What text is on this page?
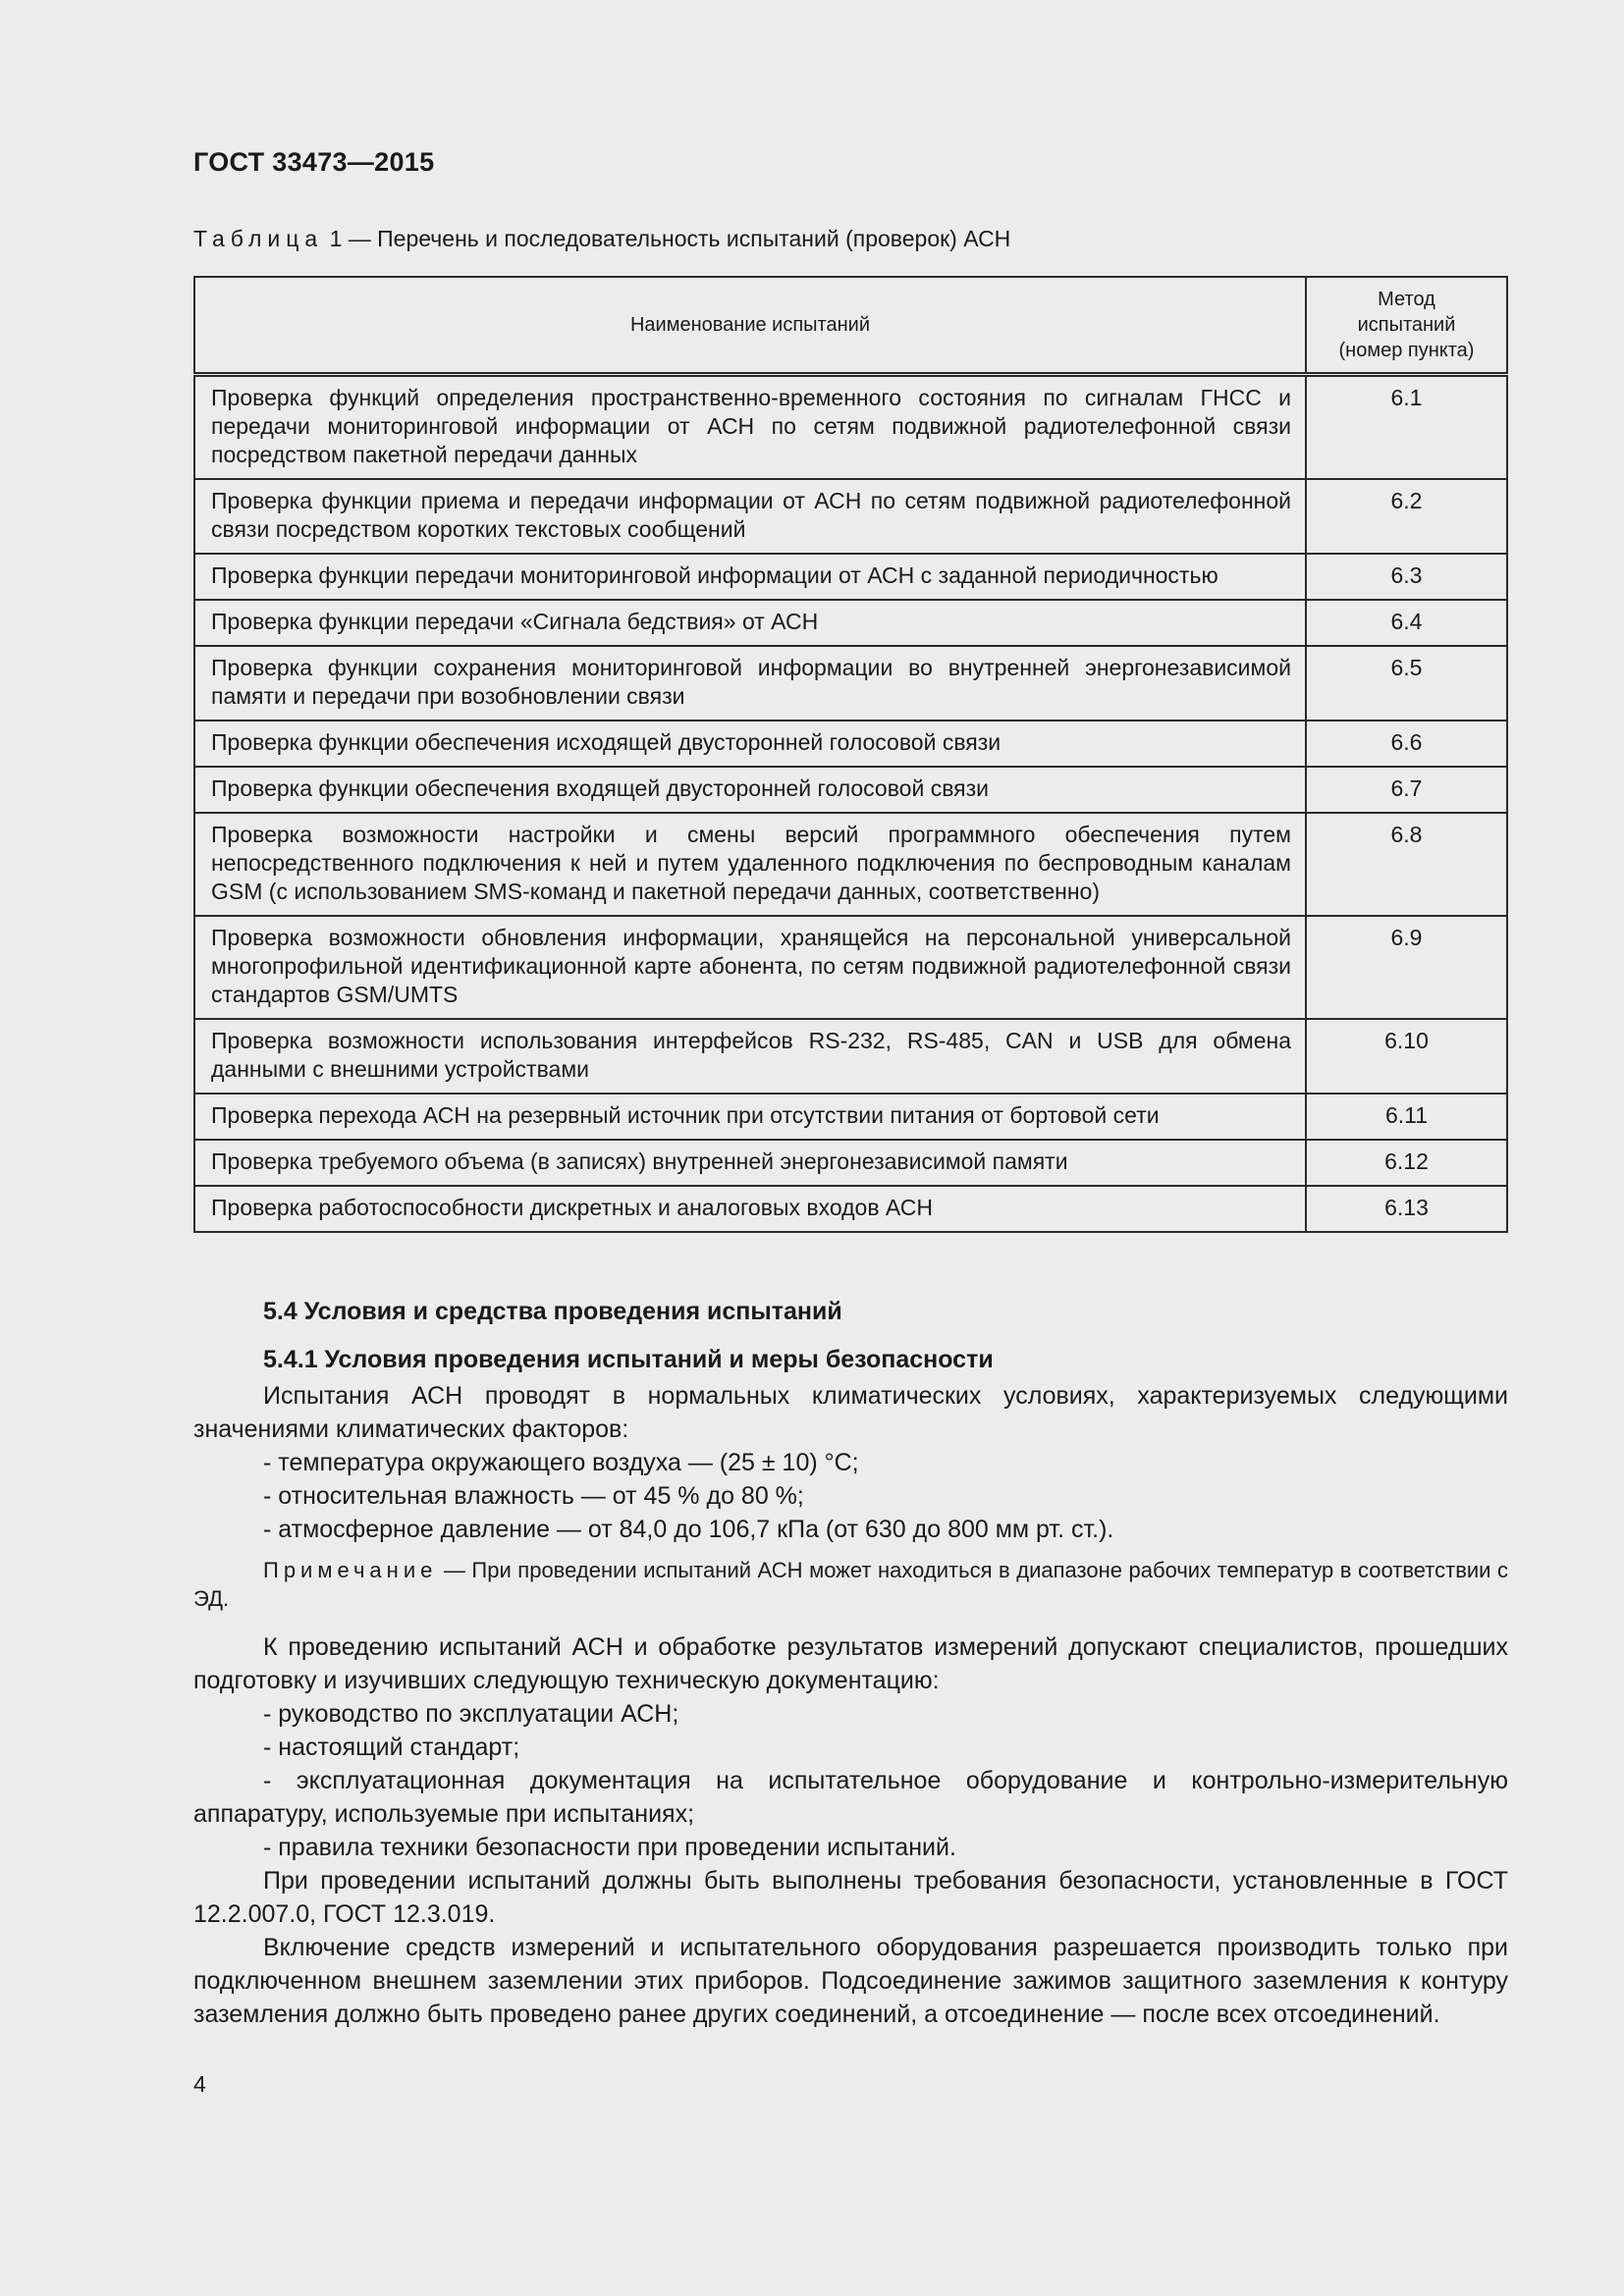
ГОСТ 33473—2015
Таблица 1 — Перечень и последовательность испытаний (проверок) АСН
Наименование испытаний	Метод
испытаний
(номер пункта)

Проверка функций определения пространственно-временного состояния по сигналам ГНСС и передачи мониторинговой информации от АСН по сетям подвижной радиотелефонной связи посредством пакетной передачи данных	6.1
Проверка функции приема и передачи информации от АСН по сетям подвижной радиотелефонной связи посредством коротких текстовых сообщений	6.2
Проверка функции передачи мониторинговой информации от АСН с заданной периодичностью	6.3
Проверка функции передачи «Сигнала бедствия» от АСН	6.4
Проверка функции сохранения мониторинговой информации во внутренней энергонезависимой памяти и передачи при возобновлении связи	6.5
Проверка функции обеспечения исходящей двусторонней голосовой связи	6.6
Проверка функции обеспечения входящей двусторонней голосовой связи	6.7
Проверка возможности настройки и смены версий программного обеспечения путем непосредственного подключения к ней и путем удаленного подключения по беспроводным каналам GSM (с использованием SMS-команд и пакетной передачи данных, соответственно)	6.8
Проверка возможности обновления информации, хранящейся на персональной универсальной многопрофильной идентификационной карте абонента, по сетям подвижной радиотелефонной связи стандартов GSM/UMTS	6.9
Проверка возможности использования интерфейсов RS-232, RS-485, CAN и USB для обмена данными с внешними устройствами	6.10
Проверка перехода АСН на резервный источник при отсутствии питания от бортовой сети	6.11
Проверка требуемого объема (в записях) внутренней энергонезависимой памяти	6.12
Проверка работоспособности дискретных и аналоговых входов АСН	6.13
5.4 Условия и средства проведения испытаний
5.4.1 Условия проведения испытаний и меры безопасности

Испытания АСН проводят в нормальных климатических условиях, характеризуемых следующими значениями климатических факторов:

- температура окружающего воздуха — (25 ± 10) °С;

- относительная влажность — от 45 % до 80 %;

- атмосферное давление — от 84,0 до 106,7 кПа (от 630 до 800 мм рт. ст.).

Примечание — При проведении испытаний АСН может находиться в диапазоне рабочих температур в соответствии с ЭД.

К проведению испытаний АСН и обработке результатов измерений допускают специалистов, прошедших подготовку и изучивших следующую техническую документацию:

- руководство по эксплуатации АСН;

- настоящий стандарт;

- эксплуатационная документация на испытательное оборудование и контрольно-измерительную аппаратуру, используемые при испытаниях;

- правила техники безопасности при проведении испытаний.

При проведении испытаний должны быть выполнены требования безопасности, установленные в ГОСТ 12.2.007.0, ГОСТ 12.3.019.

Включение средств измерений и испытательного оборудования разрешается производить только при подключенном внешнем заземлении этих приборов. Подсоединение зажимов защитного заземления к контуру заземления должно быть проведено ранее других соединений, а отсоединение — после всех отсоединений.

4
